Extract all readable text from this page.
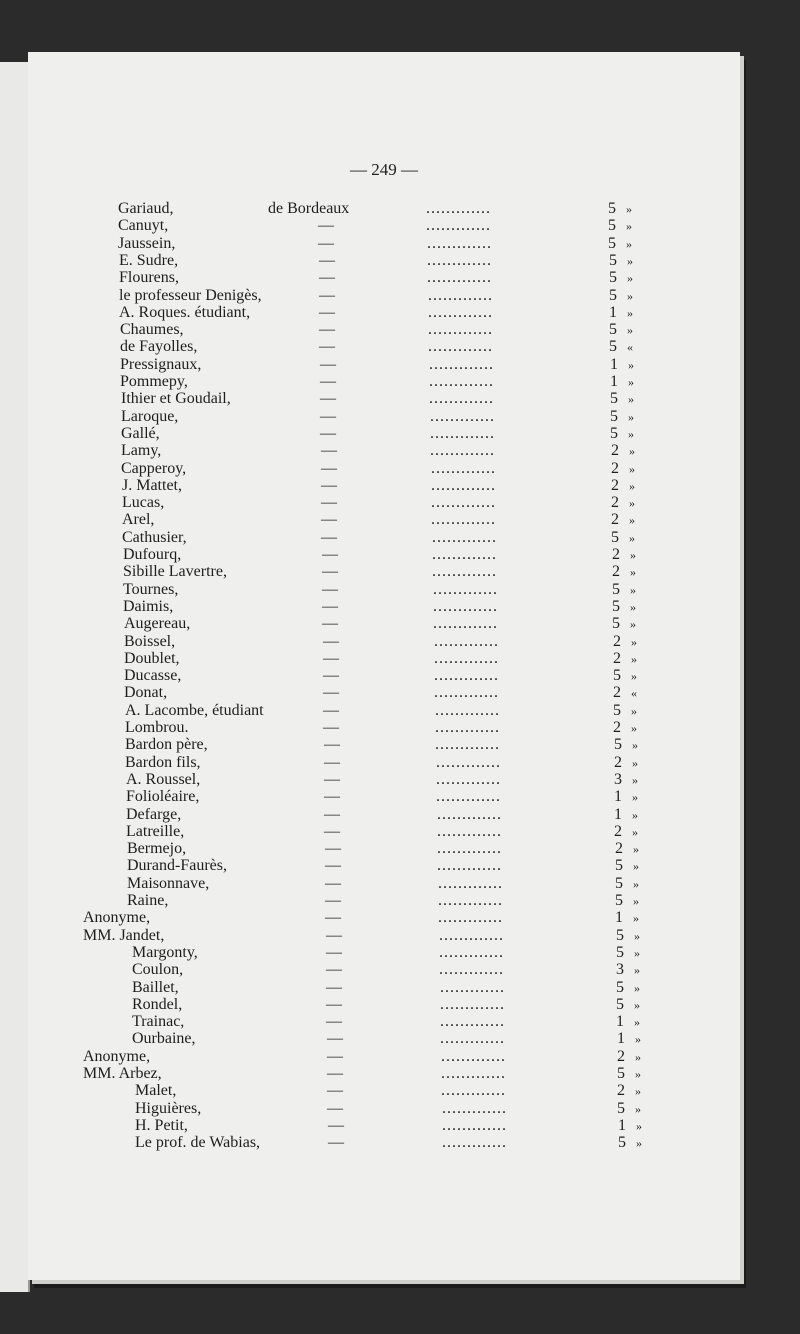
— 249 —
Gariaud,	de Bordeaux	.............	5 »
Canuyt,	—	.............	5 »
Jaussein,	—	.............	5 »
E. Sudre,	—	.............	5 »
Flourens,	—	.............	5 »
le professeur Denigès,	—	.............	5 »
A. Roques. étudiant,	—	.............	1 »
Chaumes,	—	.............	5 »
de Fayolles,	—	.............	5 «
Pressignaux,	—	.............	1 »
Pommepy,	—	.............	1 »
Ithier et Goudail,	—	.............	5 »
Laroque,	—	.............	5 »
Gallé,	—	.............	5 »
Lamy,	—	.............	2 »
Capperoy,	—	.............	2 »
J. Mattet,	—	.............	2 »
Lucas,	—	.............	2 »
Arel,	—	.............	2 »
Cathusier,	—	.............	5 »
Dufourq,	—	.............	2 »
Sibille Lavertre,	—	.............	2 »
Tournes,	—	.............	5 »
Daimis,	—	.............	5 »
Augereau,	—	.............	5 »
Boissel,	—	.............	2 »
Doublet,	—	.............	2 »
Ducasse,	—	.............	5 »
Donat,	—	.............	2 «
A. Lacombe, étudiant	—	.............	5 »
Lombrou.	—	.............	2 »
Bardon père,	—	.............	5 »
Bardon fils,	—	.............	2 »
A. Roussel,	—	.............	3 »
Folioléaire,	—	.............	1 »
Defarge,	—	.............	1 »
Latreille,	—	.............	2 »
Bermejo,	—	.............	2 »
Durand-Faurès,	—	.............	5 »
Maisonnave,	—	.............	5 »
Raine,	—	.............	5 »
Anonyme,	—	.............	1 »
MM. Jandet,	—	.............	5 »
Margonty,	—	.............	5 »
Coulon,	—	.............	3 »
Baillet,	—	.............	5 »
Rondel,	—	.............	5 »
Trainac,	—	.............	1 »
Ourbaine,	—	.............	1 »
Anonyme,	—	.............	2 »
MM. Arbez,	—	.............	5 »
Malet,	—	.............	2 »
Higuières,	—	.............	5 »
H. Petit,	—	.............	1 »
Le prof. de Wabias,	—	.............	5 »
